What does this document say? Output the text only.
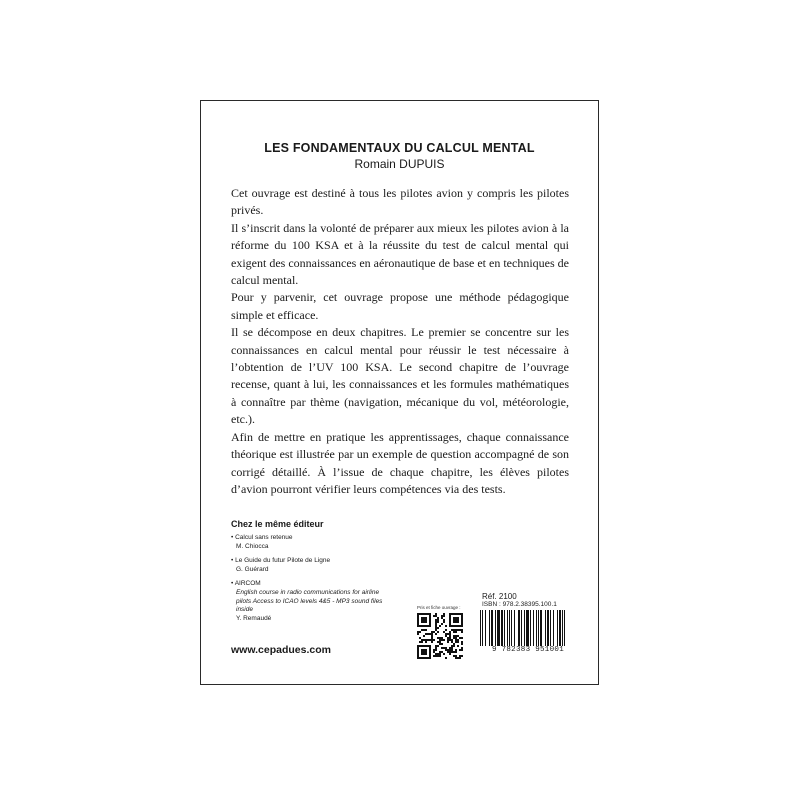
LES FONDAMENTAUX DU CALCUL MENTAL
Romain DUPUIS

Cet ouvrage est destiné à tous les pilotes avion y compris les pilotes privés.

Il s’inscrit dans la volonté de préparer aux mieux les pilotes avion à la réforme du 100 KSA et à la réussite du test de calcul mental qui exigent des connaissances en aéronautique de base et en techniques de calcul mental.

Pour y parvenir, cet ouvrage propose une méthode pédagogique simple et efficace.

Il se décompose en deux chapitres. Le premier se concentre sur les connaissances en calcul mental pour réussir le test nécessaire à l’obtention de l’UV 100 KSA. Le second chapitre de l’ouvrage recense, quant à lui, les connaissances et les formules mathématiques à connaître par thème (navigation, mécanique du vol, météorologie, etc.).

Afin de mettre en pratique les apprentissages, chaque connaissance théorique est illustrée par un exemple de question accompagné de son corrigé détaillé. À l’issue de chaque chapitre, les élèves pilotes d’avion pourront vérifier leurs compétences via des tests.

Chez le même éditeur
• Calcul sans retenue
M. Chiocca
• Le Guide du futur Pilote de Ligne
G. Guérard
• AIRCOM
English course in radio communications for airline pilots Access to ICAO levels 4&5 - MP3 sound files inside
Y. Remaudé
www.cepadues.com
Pris et fiche ouvrage :
Réf. 2100
ISBN : 978.2.38395.100.1
9 782383 951001
